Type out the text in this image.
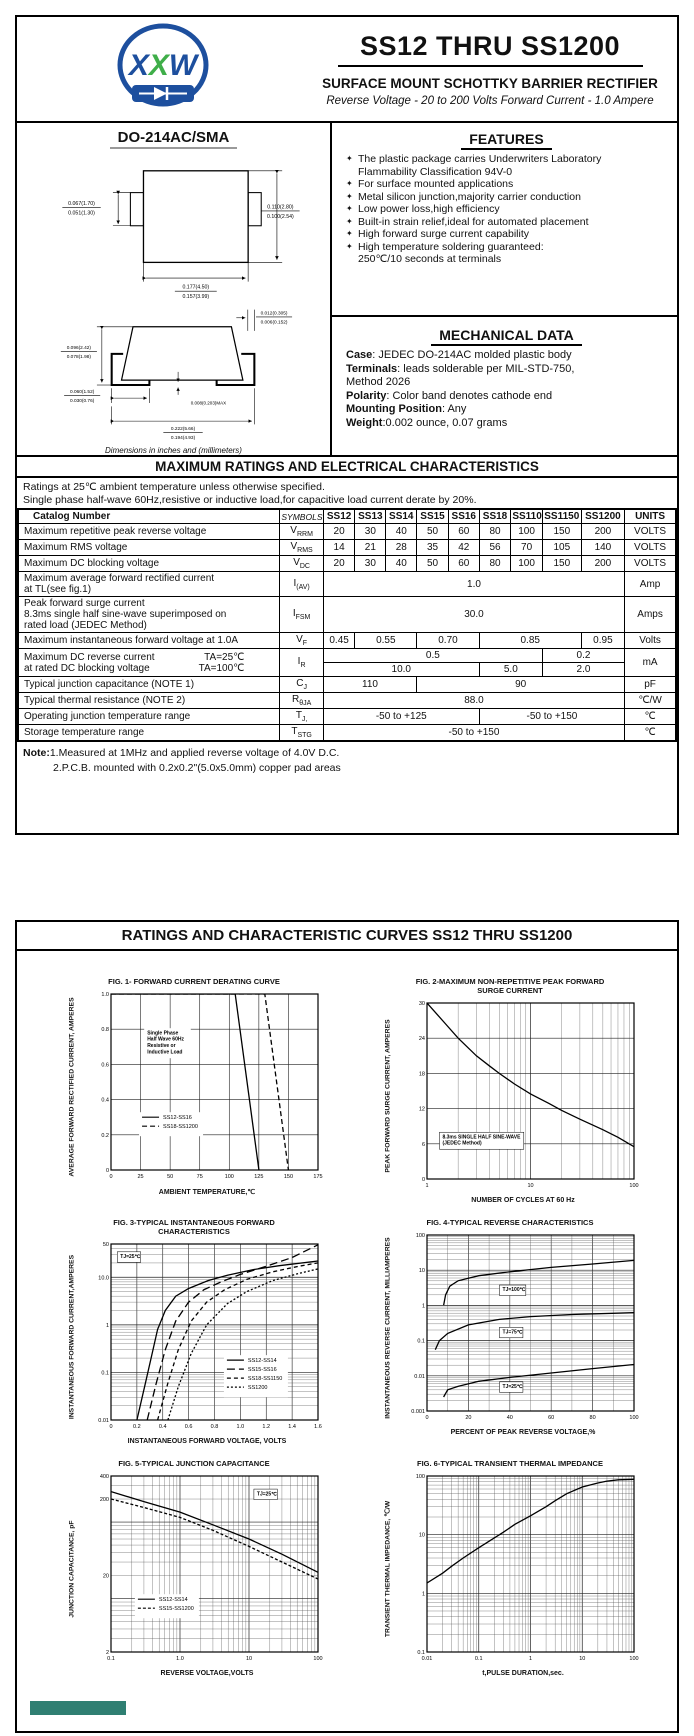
XXW
SS12 THRU SS1200
SURFACE MOUNT SCHOTTKY BARRIER RECTIFIER

Reverse Voltage - 20 to 200 Volts Forward Current - 1.0 Ampere

DO-214AC/SMA
0.067(1.70)
0.051(1.30)
0.110(2.80)
0.100(2.54)
0.177(4.50)
0.157(3.99)
0.096(2.42)
0.078(1.98)
0.060(1.52)
0.030(0.76)	0.008(0.203)MAX
0.222(5.66)
0.194(4.93)
0.012(0.305)
0.006(0.152)
Dimensions in inches and (millimeters)
FEATURES
✦ The plastic package carries Underwriters Laboratory
Flammability Classification 94V-0
✦ For surface mounted applications
✦ Metal silicon junction,majority carrier conduction
✦ Low power loss,high efficiency
✦ Built-in strain relief,ideal for automated placement
✦ High forward surge current capability
✦ High temperature soldering guaranteed:
250℃/10 seconds at terminals
MECHANICAL DATA
Case: JEDEC DO-214AC molded plastic body
Terminals: leads solderable per MIL-STD-750,
Method 2026
Polarity: Color band denotes cathode end
Mounting Position: Any
Weight:0.002 ounce, 0.07 grams
MAXIMUM RATINGS AND ELECTRICAL CHARACTERISTICS
Ratings at 25℃ ambient temperature unless otherwise specified.
Single phase half-wave 60Hz,resistive or inductive load,for capacitive load current derate by 20%.
Catalog Number	SYMBOLS	SS12	SS13	SS14	SS15	SS16	SS18	SS110	SS1150	SS1200	UNITS

Maximum repetitive peak reverse voltage	$V_{RRM}$	20	30	40	50	60	80	100	150	200	VOLTS

Maximum RMS voltage	$V_{RMS}$	14	21	28	35	42	56	70	105	140	VOLTS

Maximum DC blocking voltage	$V_{DC}$	20	30	40	50	60	80	100	150	200	VOLTS

Maximum average forward rectified current
at TL(see fig.1)	$I_{(AV)}$	1.0									Amp

Peak forward surge current
8.3ms single half sine-wave superimposed on
rated load (JEDEC Method)	$I_{FSM}$	30.0									Amps

Maximum instantaneous forward voltage at 1.0A	$V_F$	0.45	0.55		0.70		0.85			0.95	Volts

Maximum DC reverse current TA=25℃
at rated DC blocking voltage TA=100℃	$I_R$	0.5							0.2		mA
		10.0					5.0		2.0		

Typical junction capacitance (NOTE 1)	$C_J$	110			90						pF

Typical thermal resistance (NOTE 2)	$R_{\theta JA}$	88.0									℃/W

Operating junction temperature range	$T_{J,}$	-50 to +125					-50 to +150				℃

Storage temperature range	$T_{STG}$	-50 to +150									℃
Note:1.Measured at 1MHz and applied reverse voltage of 4.0V D.C.
2.P.C.B. mounted with 0.2x0.2"(5.0x5.0mm) copper pad areas
RATINGS AND CHARACTERISTIC CURVES SS12 THRU SS1200
FIG. 1- FORWARD CURRENT DERATING CURVE
AVERAGE FORWARD RECTIFIED CURRENT, AMPERES
0	25	50	75	100	125	150	175
0
0.2
0.4
0.6
0.8
1.0
Single Phase
Half Wave 60Hz
Resistive or
Inductive Load
SS12-SS16
SS18-SS1200
AMBIENT TEMPERATURE,℃
FIG. 2-MAXIMUM NON-REPETITIVE PEAK FORWARD
SURGE CURRENT
PEAK FORWARD SURGE CURRENT, AMPERES
1	10	100
0
6
12
18
24
30
8.3ms SINGLE HALF SINE-WAVE
(JEDEC Method)
NUMBER OF CYCLES AT 60 Hz
FIG. 3-TYPICAL INSTANTANEOUS FORWARD
CHARACTERISTICS
INSTANTANEOUS FORWARD CURRENT,AMPERES
0	0.2	0.4	0.6	0.8	1.0	1.2	1.4	1.6
0.01
0.1
1
10.0
50
TJ=25℃
SS12-SS14
SS15-SS16
SS18-SS1150
SS1200
INSTANTANEOUS FORWARD VOLTAGE, VOLTS
FIG. 4-TYPICAL REVERSE CHARACTERISTICS
INSTANTANEOUS REVERSE CURRENT, MILLIAMPERES	0	20	40	60	80	100
0.001
0.01
0.1
1
10
100
TJ=100℃
TJ=75℃
TJ=25℃
PERCENT OF PEAK REVERSE VOLTAGE,%
FIG. 5-TYPICAL JUNCTION CAPACITANCE
JUNCTION CAPACITANCE, pF
0.1	1.0	10	100
2
20
200
400
TJ=25℃
SS12-SS14
SS15-SS1200
REVERSE VOLTAGE,VOLTS
FIG. 6-TYPICAL TRANSIENT THERMAL IMPEDANCE
TRANSIENT THERMAL IMPEDANCE, ℃/W
0.01	0.1	1	10	100
0.1
1
10
100
t,PULSE DURATION,sec.
